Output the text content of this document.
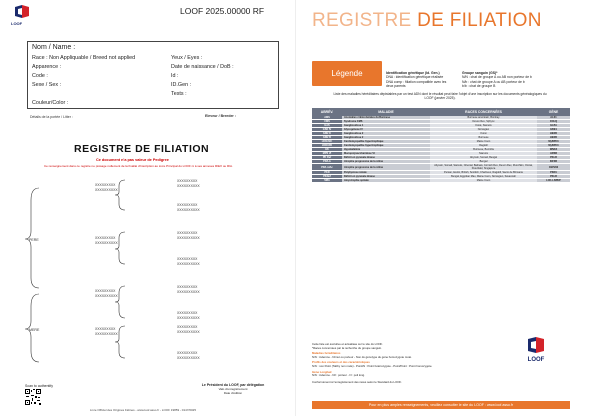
LOOF
LOOF 2025.00000 RF
Nom / Name :
Race : Non Appliquable / Breed not applied
Apparence :
Code :
Sexe / Sex :
Couleur/Color :
Yeux / Eyes :
Date de naissance / DoB :
Id :
ID.Gen :
Tests :
Détails de la portée / Litter :	Eleveur / Breeder :
REGISTRE DE FILIATION
Ce document n'a pas valeur de Pedigree
Ce renseignement dans ce registre ne présage nullement de la finalité d'inscription au Livre Principal du LOOF ni à ses annexes RIEX ou RIA.
PERE
MERE
XXXXXXXXX
XXXXXXXXXX
XXXXXXXXX
XXXXXXXXXX
XXXXXXXXX
XXXXXXXXXX
XXXXXXXXX
XXXXXXXXXX
XXXXXXXXX
XXXXXXXXXX
XXXXXXXXX
XXXXXXXXXX
XXXXXXXXX
XXXXXXXXXX
XXXXXXXXX
XXXXXXXXXX
XXXXXXXXX
XXXXXXXXXX
XXXXXXXXX
XXXXXXXXXX
XXXXXXXXX
XXXXXXXXXX
XXXXXXXXX
XXXXXXXXXX
Scan to authentify	Le Président du LOOF, par délégation
Valo d'enregistrement
Date d'édition
Livre Officiel des Origines Félines - www.loof.asso.fr - LOOF 19859 - 0147/0025
REGISTRE DE FILIATION
Légende	Identification génétique (Id. Gen.)
DNA : identification génétique réalisée
DNA comp : filiation compatible avec les deux parents
Groupe sanguin (GS)*
N/N : chat de groupe A ou AB non porteur de b
N/b : chat de groupe A ou AB porteur de b
b/b : chat de groupe B
Liste des maladies héréditaires dépistables par un test ADN dont le résultat peut faire l'objet d'une inscription sur les documents généalogiques du LOOF (janvier 2025).
ABRÉV.	MALADIE	RACES CONCERNÉES	GÈNE
AMS	Anomalies crânio-faciales du Burmese	Burmese américain, Bombay	ALX1
CMS	Syndrome CMS	Devon Rex, Sphynx	COLQ
GAS	Gangliosidose 1	Korat, Siamois	GLB1
GSD IV	Glycogénose IV	Norvégien	GBE1
GM2 K	Gangliosidose 2	Korat	HEXB
GM2 B	Gangliosidose 2	Burmese	HEXB
HCM-MC	Cardiomyopathie hypertrophique	Maine Coon	MyBPC3
HCM-RD	Cardiomyopathie hypertrophique	Ragdoll	MyBPC3
HK	Hypokaliémie	Burmese, Burmilla	WNK4
MPS VI	Mucopolysaccharidose VI	Siamois	ARSB
PK Def	Déficit en pyruvate kinase	Abyssin, Somali, Bengal	PKLR
PRA-b	Atrophie progressive de la rétine	Bengal	KIF3B
PRA rdAc	Atrophie progressive de la rétine	Abyssin, Somali, Siamois, Oriental, Balinais, Cornish Rex, Devon Rex, Munchkin, Ocicat, Peterbald, Singapura	CEP290
PKD	Polykystose rénale	Persan, Exotic, British, Scottish, Chartreux, Ragdoll, Sacré de Birmanie	PKD1
PKDef	Déficit en pyruvate kinase	Bengal, Egyptian Mau, Maine Coon, Norvégien, Savannah	PKLR
SMA	Amyotrophie spinale	Maine Coon	LIX1-LNPEP
Cette liste est évolutive et actualisée sur le site du LOOF.
*Races concernées par la recherche du groupe sanguin.
Maladies héréditaires
N/N : indemne - N/mut ou porteur - Non du génotype du gène homozygote muté.
Profils des couleurs et des caractéristiques
N/N : non Point (Tabby non muté) - Point/N : Point hétérozygote - Point/Point : Point homozygote.
Gène Longhair
N/N : indemne - N/l : porteur - l/l : poil long.
Conformément à l'enregistrement des races selon le Standard du LOOF.
LOOF
Pour en plus amples renseignements, veuillez consulter le site du LOOF : www.loof.asso.fr
